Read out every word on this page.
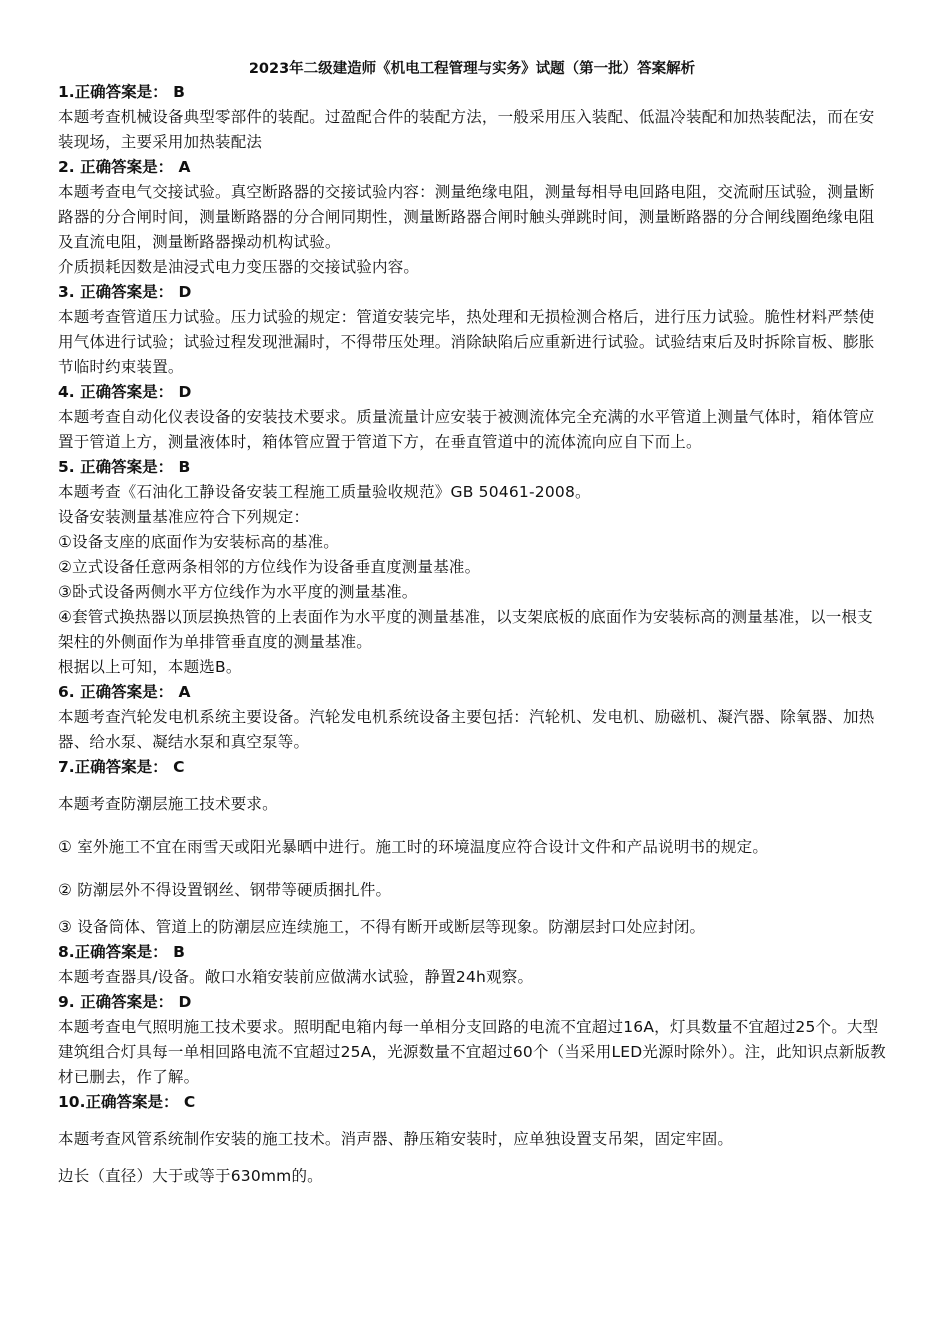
2023年二级建造师《机电工程管理与实务》试题（第一批）答案解析
1.正确答案是： B
本题考查机械设备典型零部件的装配。过盈配合件的装配方法，一般采用压入装配、低温冷装配和加热装配法，而在安装现场，主要采用加热装配法
2. 正确答案是： A
本题考查电气交接试验。真空断路器的交接试验内容：测量绝缘电阻，测量每相导电回路电阻，交流耐压试验，测量断路器的分合闸时间，测量断路器的分合闸同期性，测量断路器合闸时触头弹跳时间，测量断路器的分合闸线圈绝缘电阻及直流电阻，测量断路器操动机构试验。
介质损耗因数是油浸式电力变压器的交接试验内容。
3. 正确答案是： D
本题考查管道压力试验。压力试验的规定：管道安装完毕，热处理和无损检测合格后，进行压力试验。脆性材料严禁使用气体进行试验；试验过程发现泄漏时，不得带压处理。消除缺陷后应重新进行试验。试验结束后及时拆除盲板、膨胀节临时约束装置。
4. 正确答案是： D
本题考查自动化仪表设备的安装技术要求。质量流量计应安装于被测流体完全充满的水平管道上测量气体时，箱体管应置于管道上方，测量液体时，箱体管应置于管道下方，在垂直管道中的流体流向应自下而上。
5. 正确答案是： B
本题考查《石油化工静设备安装工程施工质量验收规范》GB 50461-2008。
设备安装测量基准应符合下列规定：
①设备支座的底面作为安装标高的基准。
②立式设备任意两条相邻的方位线作为设备垂直度测量基准。
③卧式设备两侧水平方位线作为水平度的测量基准。
④套管式换热器以顶层换热管的上表面作为水平度的测量基准，以支架底板的底面作为安装标高的测量基准，以一根支架柱的外侧面作为单排管垂直度的测量基准。
根据以上可知，本题选B。
6. 正确答案是： A
本题考查汽轮发电机系统主要设备。汽轮发电机系统设备主要包括：汽轮机、发电机、励磁机、凝汽器、除氧器、加热器、给水泵、凝结水泵和真空泵等。
7.正确答案是： C
本题考查防潮层施工技术要求。
① 室外施工不宜在雨雪天或阳光暴晒中进行。施工时的环境温度应符合设计文件和产品说明书的规定。
② 防潮层外不得设置钢丝、钢带等硬质捆扎件。
③ 设备筒体、管道上的防潮层应连续施工，不得有断开或断层等现象。防潮层封口处应封闭。
8.正确答案是： B
本题考查器具/设备。敞口水箱安装前应做满水试验，静置24h观察。
9. 正确答案是： D
本题考查电气照明施工技术要求。照明配电箱内每一单相分支回路的电流不宜超过16A，灯具数量不宜超过25个。大型建筑组合灯具每一单相回路电流不宜超过25A，光源数量不宜超过60个（当采用LED光源时除外）。注，此知识点新版教材已删去，作了解。
10.正确答案是： C
本题考查风管系统制作安装的施工技术。消声器、静压箱安装时，应单独设置支吊架，固定牢固。
边长（直径）大于或等于630mm的。
